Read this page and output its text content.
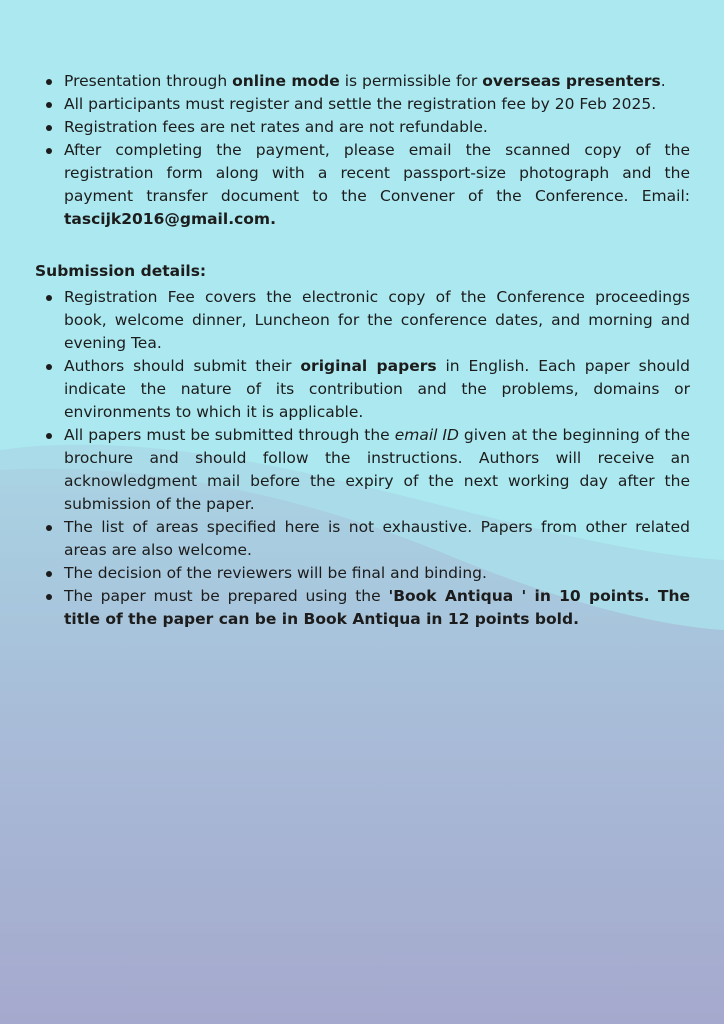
Presentation through online mode is permissible for overseas presenters.
All participants must register and settle the registration fee by 20 Feb 2025.
Registration fees are net rates and are not refundable.
After completing the payment, please email the scanned copy of the registration form along with a recent passport-size photograph and the payment transfer document to the Convener of the Conference. Email: tascijk2016@gmail.com.
Submission details:
Registration Fee covers the electronic copy of the Conference proceedings book, welcome dinner, Luncheon for the conference dates, and morning and evening Tea.
Authors should submit their original papers in English. Each paper should indicate the nature of its contribution and the problems, domains or environments to which it is applicable.
All papers must be submitted through the email ID given at the beginning of the brochure and should follow the instructions. Authors will receive an acknowledgment mail before the expiry of the next working day after the submission of the paper.
The list of areas specified here is not exhaustive. Papers from other related areas are also welcome.
The decision of the reviewers will be final and binding.
The paper must be prepared using the 'Book Antiqua ' in 10 points. The title of the paper can be in Book Antiqua in 12 points bold.
